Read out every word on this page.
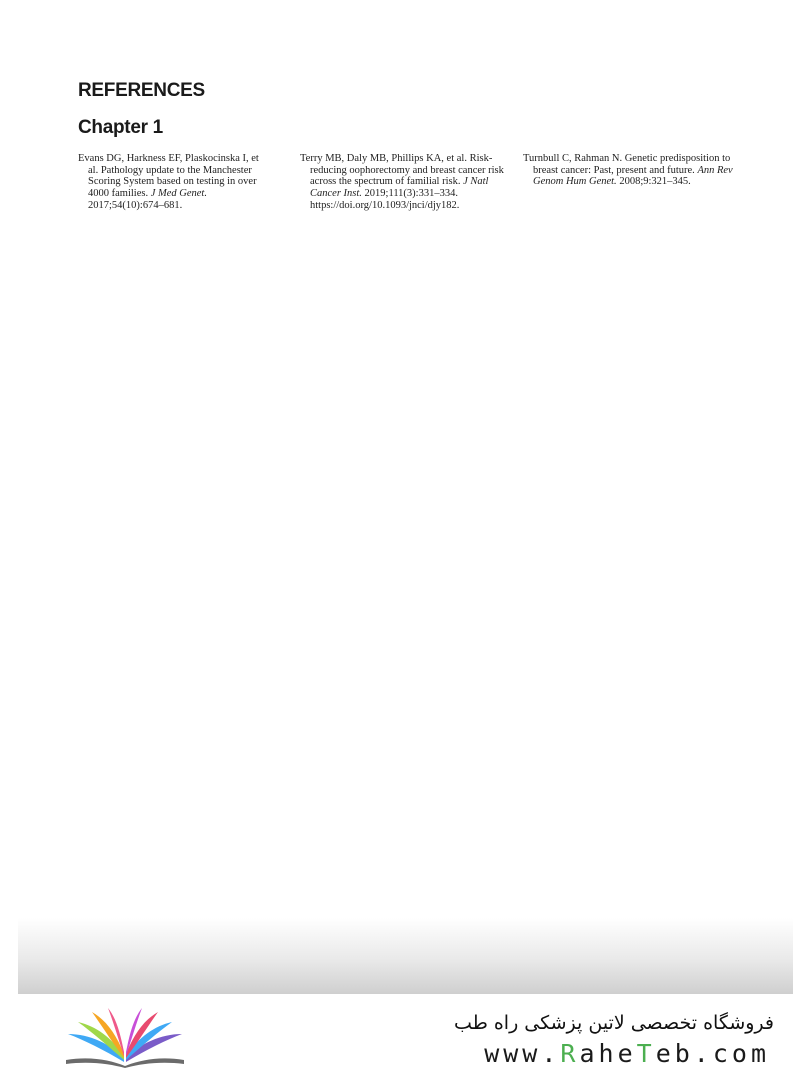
REFERENCES
Chapter 1
Evans DG, Harkness EF, Plaskocinska I, et al. Pathology update to the Manchester Scoring System based on testing in over 4000 families. J Med Genet. 2017;54(10):674–681.
Terry MB, Daly MB, Phillips KA, et al. Risk-reducing oophorectomy and breast cancer risk across the spectrum of familial risk. J Natl Cancer Inst. 2019;111(3):331–334. https://doi.org/10.1093/jnci/djy182.
Turnbull C, Rahman N. Genetic predisposition to breast cancer: Past, present and future. Ann Rev Genom Hum Genet. 2008;9:321–345.

فروشگاه تخصصی لاتین پزشکی راه طب

www.RaheTeb.com
